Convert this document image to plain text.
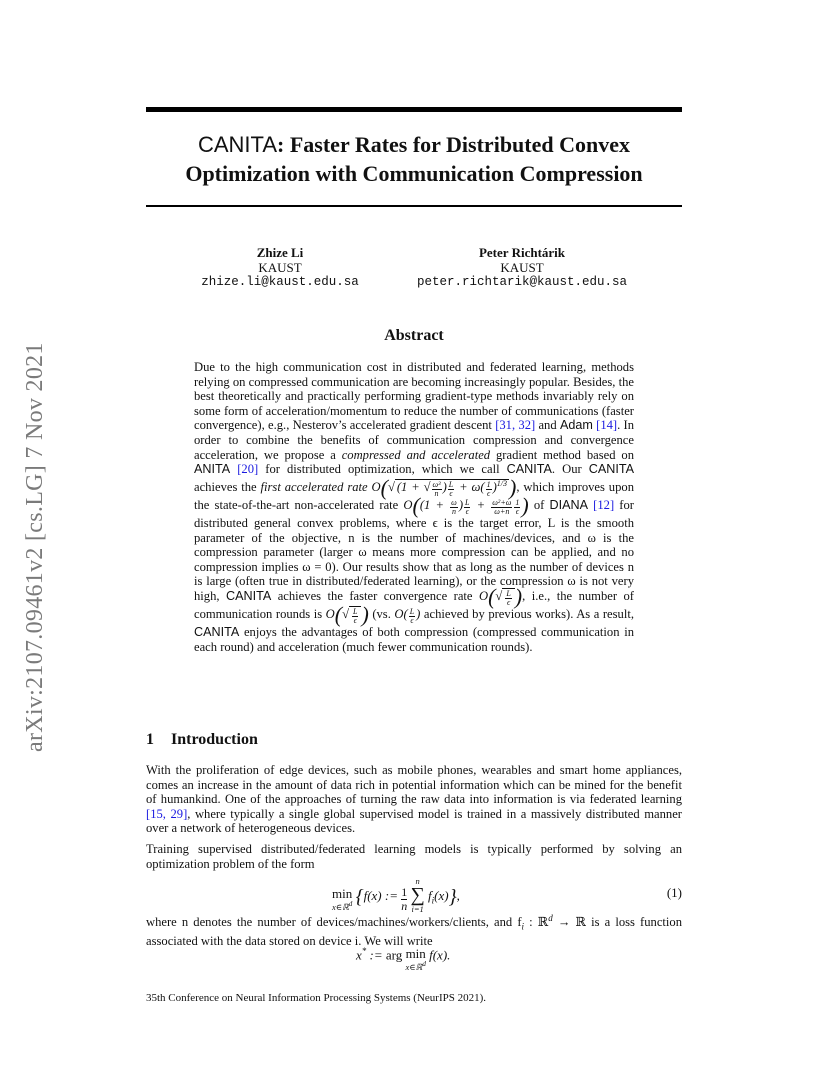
arXiv:2107.09461v2 [cs.LG] 7 Nov 2021
CANITA: Faster Rates for Distributed Convex
Optimization with Communication Compression
Zhize Li
KAUST
zhize.li@kaust.edu.sa
Peter Richtárik
KAUST
peter.richtarik@kaust.edu.sa
Abstract

Due to the high communication cost in distributed and federated learning, methods relying on compressed communication are becoming increasingly popular. Besides, the best theoretically and practically performing gradient-type methods invariably rely on some form of acceleration/momentum to reduce the number of communications (faster convergence), e.g., Nesterov’s accelerated gradient descent [31, 32] and Adam [14]. In order to combine the benefits of communication compression and convergence acceleration, we propose a compressed and accelerated gradient method based on ANITA [20] for distributed optimization, which we call CANITA. Our CANITA achieves the first accelerated rate O(√ (1 + √ $\frac{\text{ω³}}{n}$ ) $\frac{L}{\epsilon} + \omega( \frac{1}{\epsilon} )^{1/3}$), which improves upon the state-of-the-art non-accelerated rate $O((1 + \frac{\omega}{n}$ ) $\frac{L}{\epsilon} + \frac{\text{ω²+ω}}{\omega+n} \frac{1}{\epsilon}$ ) of DIANA [12] for distributed general convex problems, where ϵ is the target error, L is the smooth parameter of the objective, n is the number of machines/devices, and ω is the compression parameter (larger ω means more compression can be applied, and no compression implies ω = 0). Our results show that as long as the number of devices n is large (often true in distributed/federated learning), or the compression ω is not very high, CANITA achieves the faster convergence rate $O(√ \frac{L}{\epsilon}$ ), i.e., the number of communication rounds is $O(√ \frac{L}{\epsilon}$ ) (vs. $O( \frac{L}{\epsilon}$ ) achieved by previous works). As a result, CANITA enjoys the advantages of both compression (compressed communication in each round) and acceleration (much fewer communication rounds).

1 Introduction

With the proliferation of edge devices, such as mobile phones, wearables and smart home appliances, comes an increase in the amount of data rich in potential information which can be mined for the benefit of humankind. One of the approaches of turning the raw data into information is via federated learning [15, 29], where typically a single global supervised model is trained in a massively distributed manner over a network of heterogeneous devices.

Training supervised distributed/federated learning models is typically performed by solving an optimization problem of the form

min
x∈ℝ$^d$ {f(x) := $\frac{1}{n}$

n
∑
i=1
$f_i(x)$},	(1)

where n denotes the number of devices/machines/workers/clients, and $f_i$ : ℝ$^d$ → ℝ is a loss function associated with the data stored on device i. We will write

x* := arg min
x∈ℝ$^d$
f(x).
35th Conference on Neural Information Processing Systems (NeurIPS 2021).
